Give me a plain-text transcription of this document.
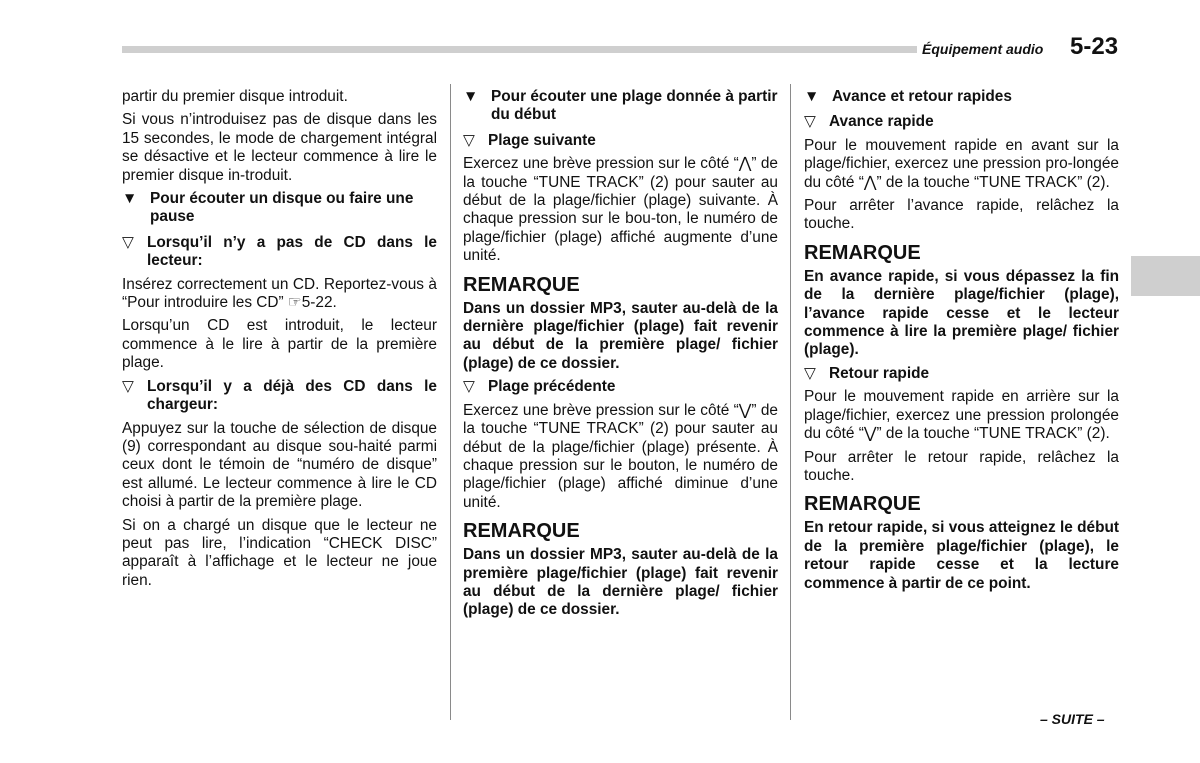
Équipement audio 5-23

partir du premier disque introduit.

Si vous n’introduisez pas de disque dans les 15 secondes, le mode de chargement intégral se désactive et le lecteur commence à lire le premier disque in-troduit.

▼ Pour écouter un disque ou faire une pause
▽ Lorsqu’il n’y a pas de CD dans le lecteur:

Insérez correctement un CD. Reportez-vous à “Pour introduire les CD” ☞5-22.

Lorsqu’un CD est introduit, le lecteur commence à le lire à partir de la première plage.

▽ Lorsqu’il y a déjà des CD dans le chargeur:

Appuyez sur la touche de sélection de disque (9) correspondant au disque sou-haité parmi ceux dont le témoin de “numéro de disque” est allumé. Le lecteur commence à lire le CD choisi à partir de la première plage.

Si on a chargé un disque que le lecteur ne peut pas lire, l’indication “CHECK DISC” apparaît à l’affichage et le lecteur ne joue rien.

▼ Pour écouter une plage donnée à partir du début
▽ Plage suivante

Exercez une brève pression sur le côté “⋀” de la touche “TUNE TRACK” (2) pour sauter au début de la plage/fichier (plage) suivante. À chaque pression sur le bou-ton, le numéro de plage/fichier (plage) affiché augmente d’une unité.

REMARQUE

Dans un dossier MP3, sauter au-delà de la dernière plage/fichier (plage) fait revenir au début de la première plage/ fichier (plage) de ce dossier.

▽ Plage précédente

Exercez une brève pression sur le côté “⋁” de la touche “TUNE TRACK” (2) pour sauter au début de la plage/fichier (plage) présente. À chaque pression sur le bouton, le numéro de plage/fichier (plage) affiché diminue d’une unité.

REMARQUE

Dans un dossier MP3, sauter au-delà de la première plage/fichier (plage) fait revenir au début de la dernière plage/ fichier (plage) de ce dossier.

▼ Avance et retour rapides
▽ Avance rapide

Pour le mouvement rapide en avant sur la plage/fichier, exercez une pression pro-longée du côté “⋀” de la touche “TUNE TRACK” (2).

Pour arrêter l’avance rapide, relâchez la touche.

REMARQUE

En avance rapide, si vous dépassez la fin de la dernière plage/fichier (plage), l’avance rapide cesse et le lecteur commence à lire la première plage/ fichier (plage).

▽ Retour rapide

Pour le mouvement rapide en arrière sur la plage/fichier, exercez une pression prolongée du côté “⋁” de la touche “TUNE TRACK” (2).

Pour arrêter le retour rapide, relâchez la touche.

REMARQUE

En retour rapide, si vous atteignez le début de la première plage/fichier (plage), le retour rapide cesse et la lecture commence à partir de ce point.

– SUITE –
